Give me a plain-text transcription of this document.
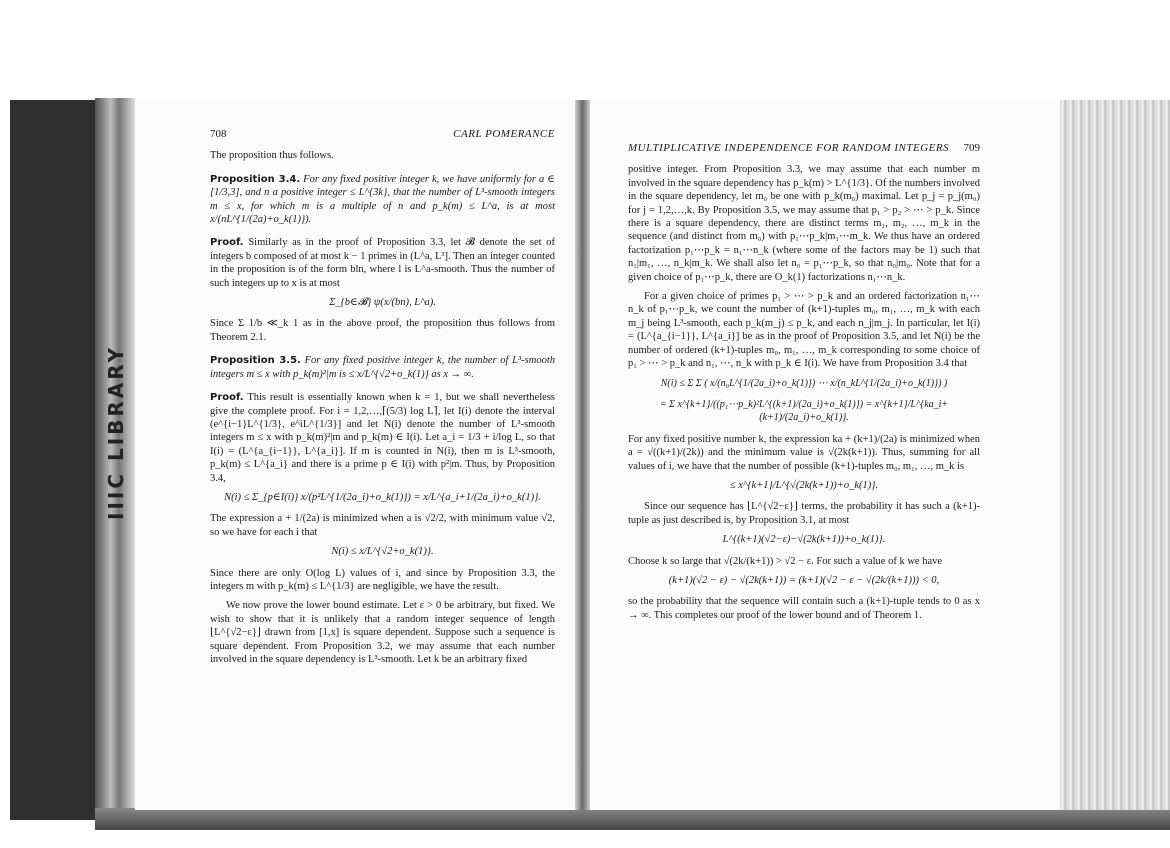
IIIC LIBRARY
708	CARL POMERANCE

The proposition thus follows.

Proposition 3.4. For any fixed positive integer k, we have uniformly for a ∈ [1/3,3], and n a positive integer ≤ L^{3k}, that the number of L³-smooth integers m ≤ x, for which m is a multiple of n and p_k(m) ≤ L^a, is at most x/(nL^{1/(2a)+o_k(1)}).

Proof. Similarly as in the proof of Proposition 3.3, let 𝓑 denote the set of integers b composed of at most k − 1 primes in (L^a, L³]. Then an integer counted in the proposition is of the form bln, where l is L^a-smooth. Thus the number of such integers up to x is at most

Σ_{b∈𝓑} ψ(x/(bn), L^a).

Since Σ 1/b ≪_k 1 as in the above proof, the proposition thus follows from Theorem 2.1.

Proposition 3.5. For any fixed positive integer k, the number of L³-smooth integers m ≤ x with p_k(m)²|m is ≤ x/L^{√2+o_k(1)} as x → ∞.

Proof. This result is essentially known when k = 1, but we shall nevertheless give the complete proof. For i = 1,2,…,⌈(5/3) log L⌉, let I(i) denote the interval (e^{i−1}L^{1/3}, e^iL^{1/3}] and let N(i) denote the number of L³-smooth integers m ≤ x with p_k(m)²|m and p_k(m) ∈ I(i). Let a_i = 1/3 + i/log L, so that I(i) = (L^{a_{i−1}}, L^{a_i}]. If m is counted in N(i), then m is L³-smooth, p_k(m) ≤ L^{a_i} and there is a prime p ∈ I(i) with p²|m. Thus, by Proposition 3.4,

N(i) ≤ Σ_{p∈I(i)} x/(p²L^{1/(2a_i)+o_k(1)}) = x/L^{a_i+1/(2a_i)+o_k(1)}.

The expression a + 1/(2a) is minimized when a is √2/2, with minimum value √2, so we have for each i that

N(i) ≤ x/L^{√2+o_k(1)}.

Since there are only O(log L) values of i, and since by Proposition 3.3, the integers m with p_k(m) ≤ L^{1/3} are negligible, we have the result.

We now prove the lower bound estimate. Let ε > 0 be arbitrary, but fixed. We wish to show that it is unlikely that a random integer sequence of length ⌊L^{√2−ε}⌋ drawn from [1,x] is square dependent. Suppose such a sequence is square dependent. From Proposition 3.2, we may assume that each number involved in the square dependency is L³-smooth. Let k be an arbitrary fixed

MULTIPLICATIVE INDEPENDENCE FOR RANDOM INTEGERS 709

positive integer. From Proposition 3.3, we may assume that each number m involved in the square dependency has p_k(m) > L^{1/3}. Of the numbers involved in the square dependency, let m₀ be one with p_k(m₀) maximal. Let p_j = p_j(m₀) for j = 1,2,…,k. By Proposition 3.5, we may assume that p₁ > p₂ > ⋯ > p_k. Since there is a square dependency, there are distinct terms m₁, m₂, …, m_k in the sequence (and distinct from m₀) with p₁⋯p_k|m₁⋯m_k. We thus have an ordered factorization p₁⋯p_k = n₁⋯n_k (where some of the factors may be 1) such that n₁|m₁, …, n_k|m_k. We shall also let n₀ = p₁⋯p_k, so that n₀|m₀. Note that for a given choice of p₁⋯p_k, there are O_k(1) factorizations n₁⋯n_k.

For a given choice of primes p₁ > ⋯ > p_k and an ordered factorization n₁⋯n_k of p₁⋯p_k, we count the number of (k+1)-tuples m₀, m₁, …, m_k with each m_j being L³-smooth, each p_k(m_j) ≤ p_k, and each n_j|m_j. In particular, let I(i) = (L^{a_{i−1}}, L^{a_i}] be as in the proof of Proposition 3.5, and let N(i) be the number of ordered (k+1)-tuples m₀, m₁, …, m_k corresponding to some choice of p₁ > ⋯ > p_k and n₁, ⋯, n_k with p_k ∈ I(i). We have from Proposition 3.4 that

N(i) ≤ Σ Σ ( x/(n₀L^{1/(2a_i)+o_k(1)}) ⋯ x/(n_kL^{1/(2a_i)+o_k(1)}) )
= Σ x^{k+1}/((p₁⋯p_k)²L^{(k+1)/(2a_i)+o_k(1)}) = x^{k+1}/L^{ka_i+(k+1)/(2a_i)+o_k(1)}.

For any fixed positive number k, the expression ka + (k+1)/(2a) is minimized when a = √((k+1)/(2k)) and the minimum value is √(2k(k+1)). Thus, summing for all values of i, we have that the number of possible (k+1)-tuples m₀, m₁, …, m_k is

≤ x^{k+1}/L^{√(2k(k+1))+o_k(1)}.

Since our sequence has ⌊L^{√2−ε}⌋ terms, the probability it has such a (k+1)-tuple as just described is, by Proposition 3.1, at most

L^{(k+1)(√2−ε)−√(2k(k+1))+o_k(1)}.

Choose k so large that √(2k/(k+1)) > √2 − ε. For such a value of k we have

(k+1)(√2 − ε) − √(2k(k+1)) = (k+1)(√2 − ε − √(2k/(k+1))) < 0,

so the probability that the sequence will contain such a (k+1)-tuple tends to 0 as x → ∞. This completes our proof of the lower bound and of Theorem 1.
